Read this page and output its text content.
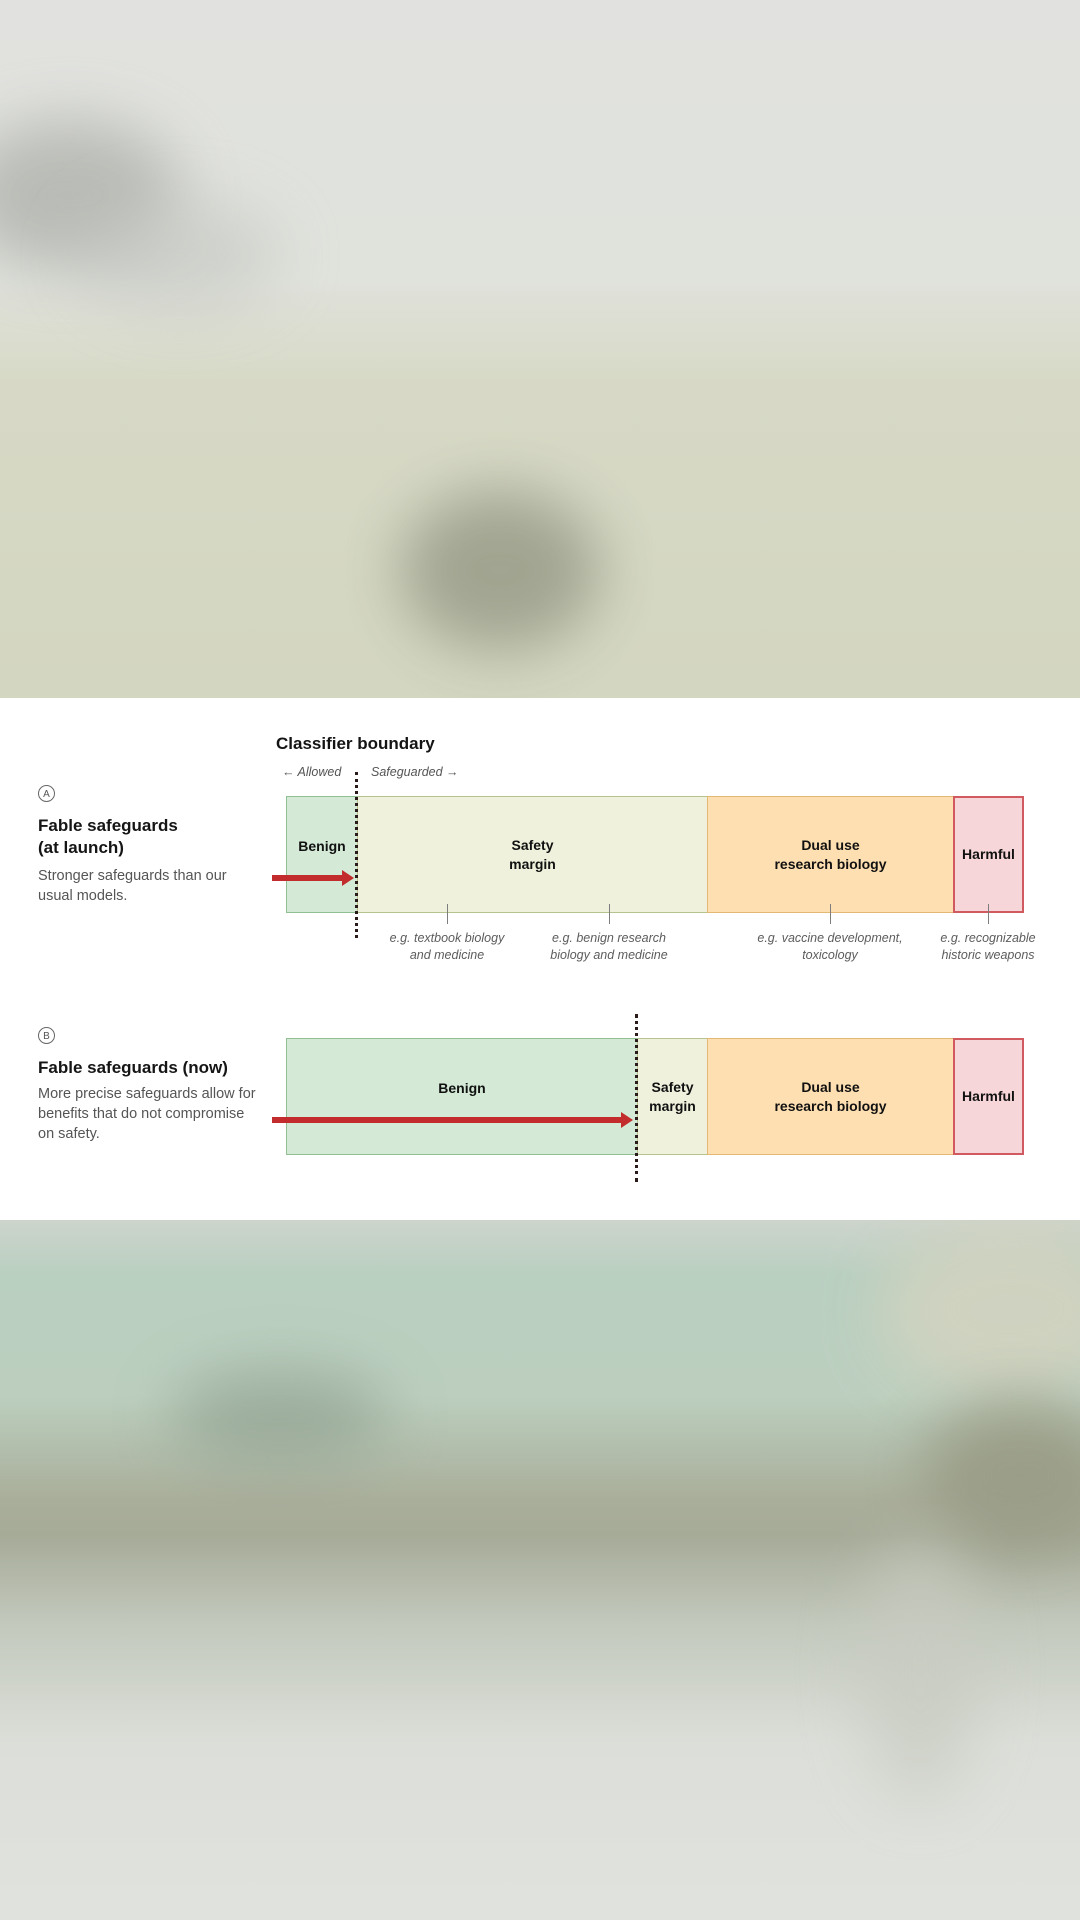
Classifier boundary
← Allowed Safeguarded →
A
Fable safeguards
(at launch)
Stronger safeguards than our usual models.
Benign	Safety
margin
Dual use
research biology
Harmful
e.g. textbook biology
and medicine
e.g. benign research
biology and medicine
e.g. vaccine development,
toxicology
e.g. recognizable
historic weapons
B
Fable safeguards (now)
More precise safeguards allow for benefits that do not compromise on safety.
Benign	Safety
margin
Dual use
research biology
Harmful
